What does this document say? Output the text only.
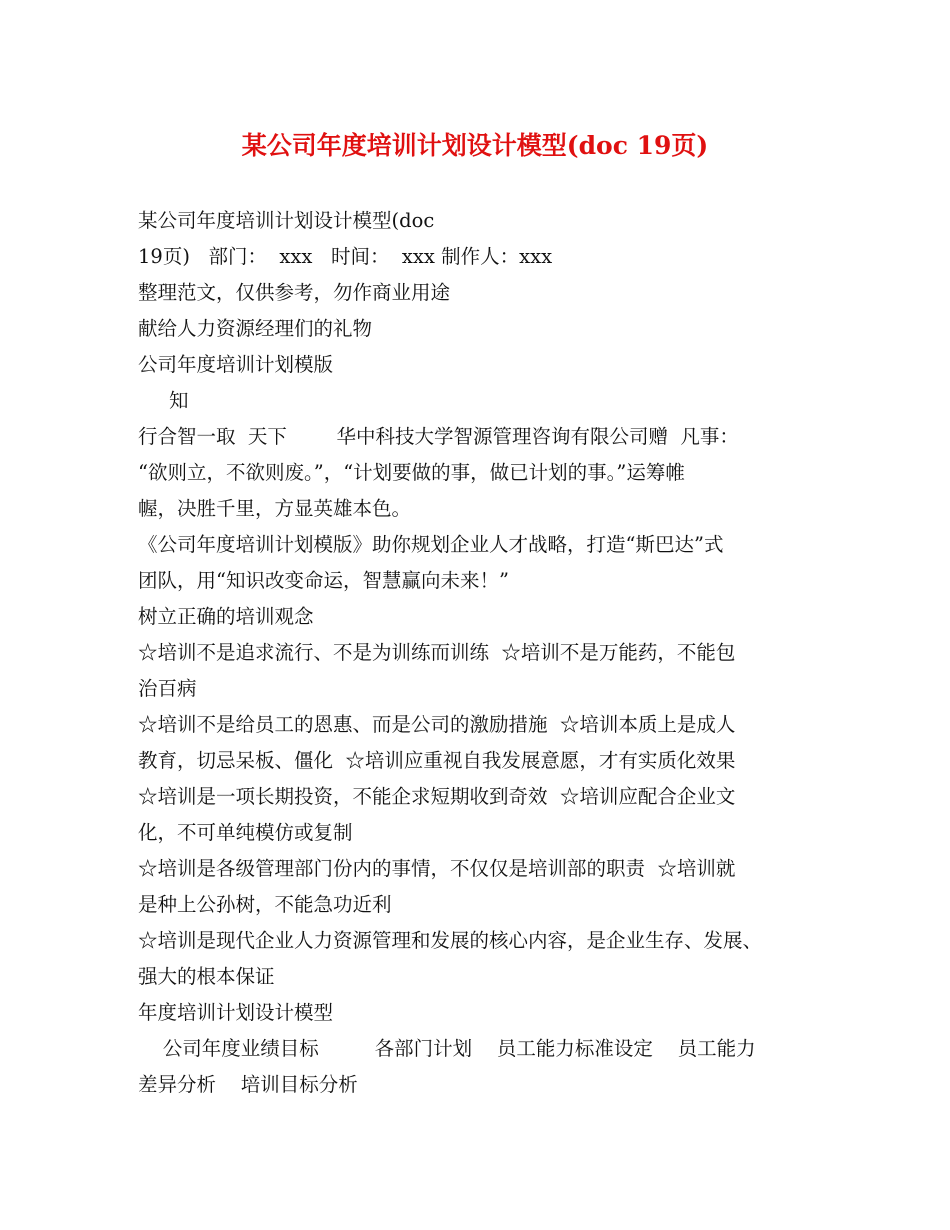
某公司年度培训计划设计模型(doc 19页)
某公司年度培训计划设计模型(doc
19页)   部门：  xxx   时间：  xxx 制作人：xxx
整理范文，仅供参考，勿作商业用途
献给人力资源经理们的礼物
公司年度培训计划模版
知
行合智一取  天下        华中科技大学智源管理咨询有限公司赠  凡事：
“欲则立，不欲则废。”，“计划要做的事，做已计划的事。”运筹帷
幄，决胜千里，方显英雄本色。
《公司年度培训计划模版》助你规划企业人才战略，打造“斯巴达”式
团队，用“知识改变命运，智慧赢向未来！”
树立正确的培训观念
☆培训不是追求流行、不是为训练而训练  ☆培训不是万能药，不能包
治百病
☆培训不是给员工的恩惠、而是公司的激励措施  ☆培训本质上是成人
教育，切忌呆板、僵化  ☆培训应重视自我发展意愿，才有实质化效果
☆培训是一项长期投资，不能企求短期收到奇效  ☆培训应配合企业文
化，不可单纯模仿或复制
☆培训是各级管理部门份内的事情，不仅仅是培训部的职责  ☆培训就
是种上公孙树，不能急功近利
☆培训是现代企业人力资源管理和发展的核心内容，是企业生存、发展、
强大的根本保证
年度培训计划设计模型
公司年度业绩目标         各部门计划    员工能力标准设定    员工能力
差异分析    培训目标分析
